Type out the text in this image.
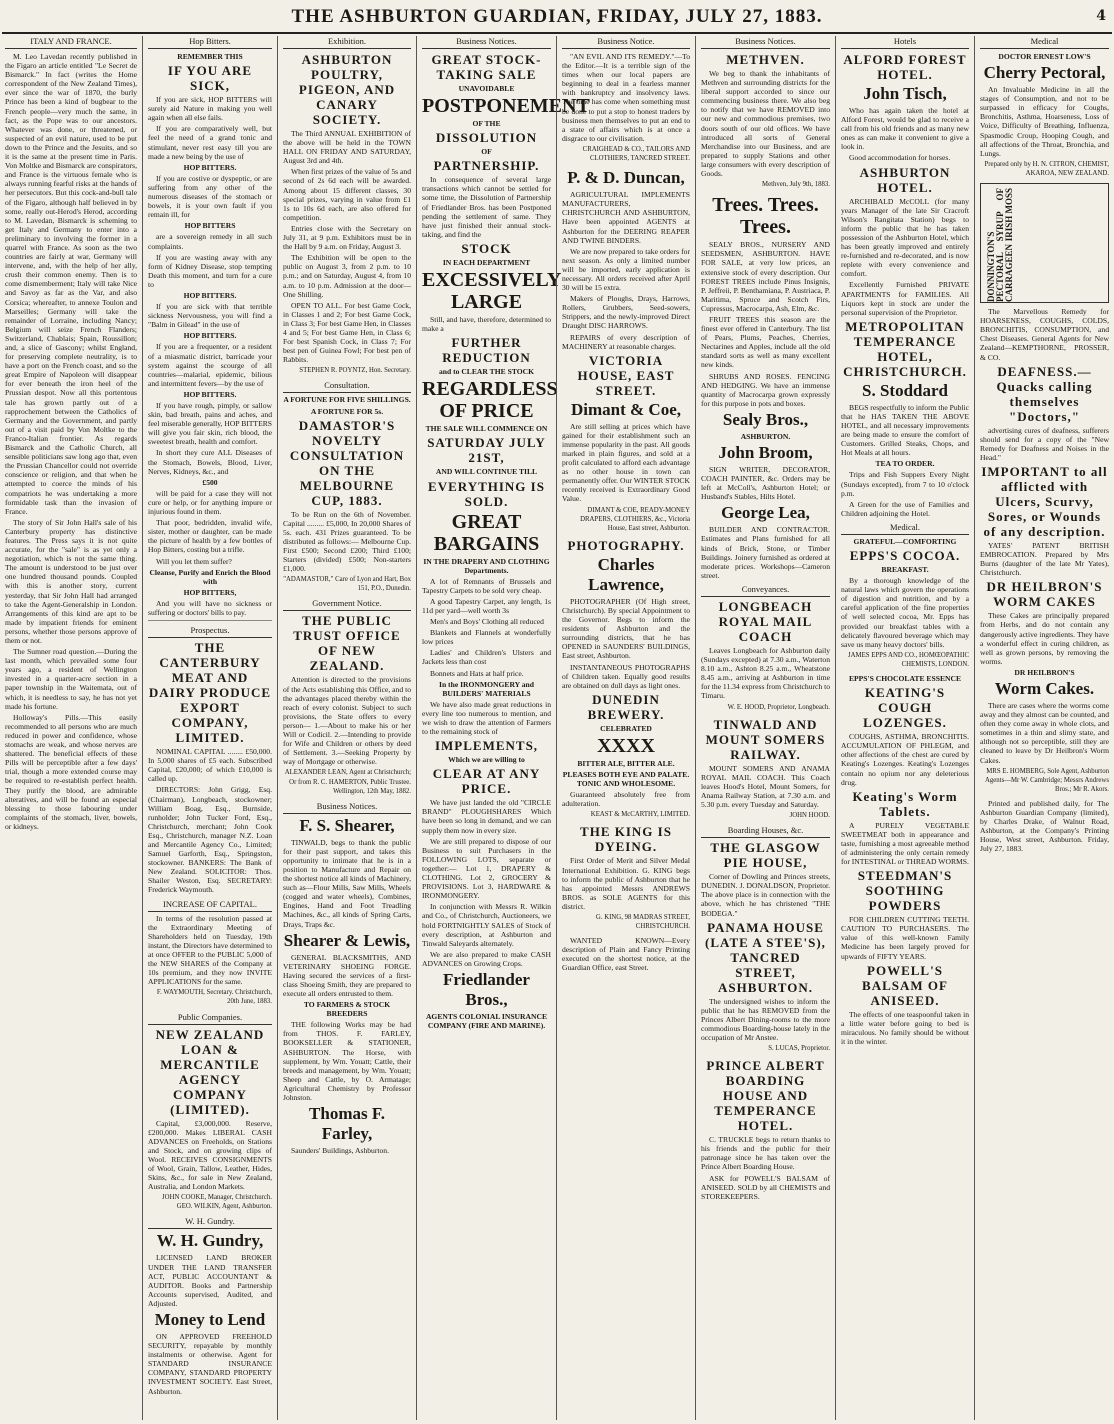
THE ASHBURTON GUARDIAN, FRIDAY, JULY 27, 1883.	4
ITALY AND FRANCE.
M. Leo Lavedan recently published in the Figaro an article entitled "Le Secret de Bismarck." In fact (writes the Home correspondent of the New Zealand Times), ever since the war of 1870, the burly Prince has been a kind of bugbear to the French people—very much the same, in fact, as the Pope was to our ancestors. Whatever was done, or threatened, or suspected of an evil nature, used to be put down to the Prince and the Jesuits, and so it is the same at the present time in Paris. Von Moltke and Bismarck are conspirators, and France is the virtuous female who is always running fearful risks at the hands of her persecutors. But this cock-and-bull tale of the Figaro, although half believed in by some, really out-Herod's Herod, according to M. Lavedan, Bismarck is scheming to get Italy and Germany to enter into a preliminary to involving the former in a quarrel with France. As soon as the two countries are fairly at war, Germany will intervene, and, with the help of her ally, crush their common enemy. Then is to come dismemberment; Italy will take Nice and Savoy as far as the Var, and also Corsica; whereafter, to annexe Toulon and Marseilles; Germany will take the remainder of Lorraine, including Nancy; Belgium will seize French Flanders; Switzerland, Chablais; Spain, Roussillon; and, a slice of Gascony; whilst England, for preserving complete neutrality, is to have a port on the French coast, and so the great Empire of Napoleon will disappear for ever beneath the iron heel of the Prussian despot. Now all this portentous tale has grown partly out of a rapprochement between the Catholics of Germany and the Government, and partly out of a visit paid by Von Moltke to the Franco-Italian frontier. As regards Bismarck and the Catholic Church, all sensible politicians saw long ago that, even the Prussian Chancellor could not override conscience or religion, and that when he attempted to coerce the minds of his compatriots he was undertaking a more formidable task than the invasion of France.
The story of Sir John Hall's sale of his Canterbury property has distinctive features. The Press says it is not quite accurate, for the "sale" is as yet only a negotiation, which is not the same thing. The amount is understood to be just over one hundred thousand pounds. Coupled with this is another story, current yesterday, that Sir John Hall had arranged to take the Agent-Generalship in London. Arrangements of this kind are apt to be made by impatient friends for eminent persons, whether those persons approve of them or not.
The Sumner road question.—During the last month, which prevailed some four years ago, a resident of Wellington invested in a quarter-acre section in a paper township in the Waitemata, out of which, it is needless to say, he has not yet made his fortune.
Holloway's Pills.—This easily recommended to all persons who are much reduced in power and confidence, whose stomachs are weak, and whose nerves are shattered. The beneficial effects of these Pills will be perceptible after a few days' trial, though a more extended course may be required to re-establish perfect health. They purify the blood, are admirable alteratives, and will be found an especial blessing to those labouring under complaints of the stomach, liver, bowels, or kidneys.
Hop Bitters.
REMEMBER THIS
IF YOU ARE SICK,
If you are sick, HOP BITTERS will surely aid Nature in making you well again when all else fails.
If you are comparatively well, but feel the need of a grand tonic and stimulant, never rest easy till you are made a new being by the use of
HOP BITTERS.
If you are costive or dyspeptic, or are suffering from any other of the numerous diseases of the stomach or bowels, it is your own fault if you remain ill, for
HOP BITTERS
are a sovereign remedy in all such complaints.
If you are wasting away with any form of Kidney Disease, stop tempting Death this moment, and turn for a cure to
HOP BITTERS.
If you are sick with that terrible sickness Nervousness, you will find a "Balm in Gilead" in the use of
HOP BITTERS.
If you are a frequenter, or a resident of a miasmatic district, barricade your system against the scourge of all countries—malarial, epidemic, bilious and intermittent fevers—by the use of
HOP BITTERS.
If you have rough, pimply, or sallow skin, bad breath, pains and aches, and feel miserable generally, HOP BITTERS will give you fair skin, rich blood, the sweetest breath, health and comfort.
In short they cure ALL Diseases of the Stomach, Bowels, Blood, Liver, Nerves, Kidneys, &c., and
£500
will be paid for a case they will not cure or help, or for anything impure or injurious found in them.
That poor, bedridden, invalid wife, sister, mother or daughter, can be made the picture of health by a few bottles of Hop Bitters, costing but a trifle.
Will you let them suffer?
Cleanse, Purify and Enrich the Blood with
HOP BITTERS,
And you will have no sickness or suffering or doctors' bills to pay.
Prospectus.
THE CANTERBURY MEAT AND DAIRY PRODUCE EXPORT COMPANY, LIMITED.
NOMINAL CAPITAL ........ £50,000. In 5,000 shares of £5 each. Subscribed Capital, £20,000; of which £10,000 is called up.
DIRECTORS: John Grigg, Esq. (Chairman), Longbeach, stockowner; William Boag, Esq., Burnside, runholder; John Tucker Ford, Esq., Christchurch, merchant; John Cook Esq., Christchurch, manager N.Z. Loan and Mercantile Agency Co., Limited; Samuel Garforth, Esq., Springston, stockowner. BANKERS: The Bank of New Zealand. SOLICITOR: Thos. Shailer Weston, Esq. SECRETARY: Frederick Waymouth.
INCREASE OF CAPITAL.
In terms of the resolution passed at the Extraordinary Meeting of Shareholders held on Tuesday, 19th instant, the Directors have determined to at once OFFER to the PUBLIC 5,000 of the NEW SHARES of the Company at 10s premium, and they now INVITE APPLICATIONS for the same.
F. WAYMOUTH, Secretary. Christchurch, 20th June, 1883.
Public Companies.
NEW ZEALAND LOAN & MERCANTILE AGENCY COMPANY (LIMITED).
Capital, £3,000,000. Reserve, £200,000. Makes LIBERAL CASH ADVANCES on Freeholds, on Stations and Stock, and on growing clips of Wool. RECEIVES CONSIGNMENTS of Wool, Grain, Tallow, Leather, Hides, Skins, &c., for sale in New Zealand, Australia, and London Markets.
JOHN COOKE, Manager, Christchurch. GEO. WILKIN, Agent, Ashburton.
W. H. Gundry.
W. H. Gundry,
LICENSED LAND BROKER UNDER THE LAND TRANSFER ACT, PUBLIC ACCOUNTANT & AUDITOR. Books and Partnership Accounts supervised, Audited, and Adjusted.
Money to Lend
ON APPROVED FREEHOLD SECURITY, repayable by monthly instalments or otherwise. Agent for STANDARD INSURANCE COMPANY, STANDARD PROPERTY INVESTMENT SOCIETY. East Street, Ashburton.
Exhibition.
ASHBURTON POULTRY, PIGEON, AND CANARY SOCIETY.
The Third ANNUAL EXHIBITION of the above will be held in the TOWN HALL ON FRIDAY AND SATURDAY, August 3rd and 4th.
When first prizes of the value of 5s and second of 2s 6d each will be awarded. Among about 15 different classes, 30 special prizes, varying in value from £1 1s to 10s 6d each, are also offered for competition.
Entries close with the Secretary on July 31, at 9 p.m. Exhibitors must be in the Hall by 9 a.m. on Friday, August 3.
The Exhibition will be open to the public on August 3, from 2 p.m. to 10 p.m.; and on Saturday, August 4, from 10 a.m. to 10 p.m. Admission at the door—One Shilling.
OPEN TO ALL. For best Game Cock, in Classes 1 and 2; For best Game Cock, in Class 3; For best Game Hen, in Classes 4 and 5; For best Game Hen, in Class 6; For best Spanish Cock, in Class 7; For best pen of Guinea Fowl; For best pen of Rabbits.
STEPHEN R. POYNTZ, Hon. Secretary.
Consultation.
A FORTUNE FOR FIVE SHILLINGS.
A FORTUNE FOR 5s.
DAMASTOR'S NOVELTY CONSULTATION ON THE MELBOURNE CUP, 1883.
To be Run on the 6th of November. Capital ......... £5,000, In 20,000 Shares of 5s. each. 431 Prizes guaranteed. To be distributed as follows:— Melbourne Cup. First £500; Second £200; Third £100; Starters (divided) £500; Non-starters £1,000.
"ADAMASTOR," Care of Lyon and Hart, Box 151, P.O., Dunedin.
Government Notice.
THE PUBLIC TRUST OFFICE OF NEW ZEALAND.
Attention is directed to the provisions of the Acts establishing this Office, and to the advantages placed thereby within the reach of every colonist. Subject to such provisions, the State offers to every person— 1.—About to make his or her Will or Codicil. 2.—Intending to provide for Wife and Children or others by deed of Settlement. 3.—Seeking Property by way of Mortgage or otherwise.
ALEXANDER LEAN, Agent at Christchurch; Or from R. C. HAMERTON, Public Trustee. Wellington, 12th May, 1882.
Business Notices.
F. S. Shearer,
TINWALD, begs to thank the public for their past support, and takes this opportunity to intimate that he is in a position to Manufacture and Repair on the shortest notice all kinds of Machinery, such as—Flour Mills, Saw Mills, Wheels (cogged and water wheels), Combines, Engines, Hand and Foot Treadling Machines, &c., all kinds of Spring Carts, Drays, Traps &c.
Shearer & Lewis,
GENERAL BLACKSMITHS, AND VETERINARY SHOEING FORGE. Having secured the services of a first-class Shoeing Smith, they are prepared to execute all orders entrusted to them.
TO FARMERS & STOCK BREEDERS
THE following Works may be had from THOS. F. FARLEY, BOOKSELLER & STATIONER, ASHBURTON. The Horse, with supplement, by Wm. Youatt; Cattle, their breeds and management, by Wm. Youatt; Sheep and Cattle, by O. Armatage; Agricultural Chemistry by Professor Johnston.
Thomas F. Farley,
Saunders' Buildings, Ashburton.
Business Notices.
GREAT STOCK-TAKING SALE
UNAVOIDABLE
POSTPONEMENT
OF THE
DISSOLUTION
OF
PARTNERSHIP.
In consequence of several large transactions which cannot be settled for some time, the Dissolution of Partnership of Friedlander Bros. has been Postponed pending the settlement of same. They have just finished their annual stock-taking, and find the
STOCK
IN EACH DEPARTMENT
EXCESSIVELY LARGE
Still, and have, therefore, determined to make a
FURTHER REDUCTION
and to CLEAR THE STOCK
REGARDLESS OF PRICE
THE SALE WILL COMMENCE ON
SATURDAY JULY 21ST,
AND WILL CONTINUE TILL
EVERYTHING IS SOLD.
GREAT BARGAINS
IN THE DRAPERY AND CLOTHING Departments.
A lot of Remnants of Brussels and Tapestry Carpets to be sold very cheap.
A good Tapestry Carpet, any length, 1s 11d per yard—well worth 3s
Men's and Boys' Clothing all reduced
Blankets and Flannels at wonderfully low prices
Ladies' and Children's Ulsters and Jackets less than cost
Bonnets and Hats at half price.
In the IRONMONGERY and BUILDERS' MATERIALS
We have also made great reductions in every line too numerous to mention, and we wish to draw the attention of Farmers to the remaining stock of
IMPLEMENTS,
Which we are willing to
CLEAR AT ANY PRICE.
We have just landed the old "CIRCLE BRAND" PLOUGHSHARES Which have been so long in demand, and we can supply them now in every size.
We are still prepared to dispose of our Business to suit Purchasers in the FOLLOWING LOTS, separate or together:— Lot 1, DRAPERY & CLOTHING. Lot 2, GROCERY & PROVISIONS. Lot 3, HARDWARE & IRONMONGERY.
In conjunction with Messrs R. Wilkin and Co., of Christchurch, Auctioneers, we hold FORTNIGHTLY SALES of Stock of every description, at Ashburton and Tinwald Saleyards alternately.
We are also prepared to make CASH ADVANCES on Growing Crops.
Friedlander Bros.,
AGENTS COLONIAL INSURANCE COMPANY (FIRE AND MARINE).
Business Notice.
"AN EVIL AND ITS REMEDY."—To the Editor.—It is a terrible sign of the times when our local papers are beginning to deal in a fearless manner with bankruptcy and insolvency laws. The time has come when something must be done to put a stop to honest traders by business men themselves to put an end to a state of affairs which is at once a disgrace to our civilisation.
CRAIGHEAD & CO., TAILORS AND CLOTHIERS, TANCRED STREET.
P. & D. Duncan,
AGRICULTURAL IMPLEMENTS MANUFACTURERS, CHRISTCHURCH AND ASHBURTON, Have been appointed AGENTS at Ashburton for the DEERING REAPER AND TWINE BINDERS.
We are now prepared to take orders for next season. As only a limited number will be imported, early application is necessary. All orders received after April 30 will be 15 extra.
Makers of Ploughs, Drays, Harrows, Rollers, Grubbers, Seed-sowers, Strippers, and the newly-improved Direct Draught DISC HARROWS.
REPAIRS of every description of MACHINERY at reasonable charges.
VICTORIA HOUSE, EAST STREET.
Dimant & Coe,
Are still selling at prices which have gained for their establishment such an immense popularity in the past. All goods marked in plain figures, and sold at a profit calculated to afford each advantage as no other house in town can permanently offer. Our WINTER STOCK recently received is Extraordinary Good Value.
DIMANT & COE, READY-MONEY DRAPERS, CLOTHIERS, &c., Victoria House, East street, Ashburton.
PHOTOGRAPHY.
Charles Lawrence,
PHOTOGRAPHER (Of High street, Christchurch). By special Appointment to the Governor. Begs to inform the residents of Ashburton and the surrounding districts, that he has OPENED in SAUNDERS' BUILDINGS, East street, Ashburton.
INSTANTANEOUS PHOTOGRAPHS of Children taken. Equally good results are obtained on dull days as light ones.
DUNEDIN BREWERY.
CELEBRATED
XXXX
BITTER ALE, BITTER ALE.
PLEASES BOTH EYE AND PALATE. TONIC AND WHOLESOME.
Guaranteed absolutely free from adulteration.
KEAST & McCARTHY, LIMITED.
THE KING IS DYEING.
First Order of Merit and Silver Medal International Exhibition. G. KING begs to inform the public of Ashburton that he has appointed Messrs ANDREWS BROS. as SOLE AGENTS for this district.
G. KING, 98 MADRAS STREET, CHRISTCHURCH.
WANTED KNOWN—Every description of Plain and Fancy Printing executed on the shortest notice, at the Guardian Office, east Street.
Business Notices.
METHVEN.
We beg to thank the inhabitants of Methven and surrounding districts for the liberal support accorded to since our commencing business there. We also beg to notify that we have REMOVED into our new and commodious premises, two doors south of our old offices. We have introduced all sorts of General Merchandise into our Business, and are prepared to supply Stations and other large consumers with every description of Goods.
Methven, July 9th, 1883.
Trees. Trees. Trees.
SEALY BROS., NURSERY AND SEEDSMEN, ASHBURTON. HAVE FOR SALE, at very low prices, an extensive stock of every description. Our FOREST TREES include Pinus Insignis, P. Jeffreii, P. Benthamiana, P. Austriaca, P. Maritima, Spruce and Scotch Firs, Cupressus, Macrocarpa, Ash, Elm, &c.
FRUIT TREES this season are the finest ever offered in Canterbury. The list of Pears, Plums, Peaches, Cherries, Nectarines and Apples, include all the old standard sorts as well as many excellent new kinds.
SHRUBS AND ROSES. FENCING AND HEDGING. We have an immense quantity of Macrocarpa grown expressly for this purpose in pots and boxes.
Sealy Bros.,
ASHBURTON.
John Broom,
SIGN WRITER, DECORATOR, COACH PAINTER, &c. Orders may be left at McColl's, Ashburton Hotel; or Husband's Stables, Hilts Hotel.
George Lea,
BUILDER AND CONTRACTOR. Estimates and Plans furnished for all kinds of Brick, Stone, or Timber Buildings. Joinery furnished as ordered at moderate prices. Workshops—Cameron street.
Conveyances.
LONGBEACH ROYAL MAIL COACH
Leaves Longbeach for Ashburton daily (Sundays excepted) at 7.30 a.m., Waterton 8.10 a.m., Ashton 8.25 a.m., Wheatstone 8.45 a.m., arriving at Ashburton in time for the 11.34 express from Christchurch to Timaru.
W. E. HOOD, Proprietor, Longbeach.
TINWALD AND MOUNT SOMERS RAILWAY.
MOUNT SOMERS AND ANAMA ROYAL MAIL COACH. This Coach leaves Hood's Hotel, Mount Somers, for Anama Railway Station, at 7.30 a.m. and 5.30 p.m. every Tuesday and Saturday.
JOHN HOOD.
Boarding Houses, &c.
THE GLASGOW PIE HOUSE,
Corner of Dowling and Princes streets, DUNEDIN. J. DONALDSON, Proprietor. The above place is in connection with the above, which he has christened "THE BODEGA."
PANAMA HOUSE (LATE A STEE'S), TANCRED STREET, ASHBURTON.
The undersigned wishes to inform the public that he has REMOVED from the Princes Albert Dining-rooms to the more commodious Boarding-house lately in the occupation of Mr Anstee.
S. LUCAS, Proprietor.
PRINCE ALBERT BOARDING HOUSE AND TEMPERANCE HOTEL.
C. TRUCKLE begs to return thanks to his friends and the public for their patronage since he has taken over the Prince Albert Boarding House.
ASK for POWELL'S BALSAM of ANISEED. SOLD by all CHEMISTS and STOREKEEPERS.
Hotels
ALFORD FOREST HOTEL.
John Tisch,
Who has again taken the hotel at Alford Forest, would be glad to receive a call from his old friends and as many new ones as can make it convenient to give a look in.
Good accommodation for horses.
ASHBURTON HOTEL.
ARCHIBALD McCOLL (for many years Manager of the late Sir Cracroft Wilson's Rangitata Station) begs to inform the public that he has taken possession of the Ashburton Hotel, which has been greatly improved and entirely re-furnished and re-decorated, and is now replete with every convenience and comfort.
Excellently Furnished PRIVATE APARTMENTS for FAMILIES. All Liquors kept in stock are under the personal supervision of the Proprietor.
METROPOLITAN TEMPERANCE HOTEL, CHRISTCHURCH.
S. Stoddard
BEGS respectfully to inform the Public that he HAS TAKEN THE ABOVE HOTEL, and all necessary improvements are being made to ensure the comfort of Customers. Grilled Steaks, Chops, and Hot Meals at all hours.
TEA TO ORDER.
Trips and Fish Suppers Every Night (Sundays excepted), from 7 to 10 o'clock p.m.
A Green for the use of Families and Children adjoining the Hotel.
Medical.
GRATEFUL—COMFORTING
EPPS'S COCOA.
BREAKFAST.
By a thorough knowledge of the natural laws which govern the operations of digestion and nutrition, and by a careful application of the fine properties of well selected cocoa, Mr. Epps has provided our breakfast tables with a delicately flavoured beverage which may save us many heavy doctors' bills.
JAMES EPPS AND CO., HOMŒOPATHIC CHEMISTS, LONDON.
EPPS'S CHOCOLATE ESSENCE
KEATING'S COUGH LOZENGES.
COUGHS, ASTHMA, BRONCHITIS. ACCUMULATION OF PHLEGM, and other affections of the chest are cured by Keating's Lozenges. Keating's Lozenges contain no opium nor any deleterious drug.
Keating's Worm Tablets.
A PURELY VEGETABLE SWEETMEAT both in appearance and taste, furnishing a most agreeable method of administering the only certain remedy for INTESTINAL or THREAD WORMS.
STEEDMAN'S SOOTHING POWDERS
FOR CHILDREN CUTTING TEETH. CAUTION TO PURCHASERS. The value of this well-known Family Medicine has been largely proved for upwards of FIFTY YEARS.
POWELL'S BALSAM OF ANISEED.
The effects of one teaspoonful taken in a little water before going to bed is miraculous. No family should be without it in the winter.
Medical
DOCTOR ERNEST LOW'S
Cherry Pectoral,
An Invaluable Medicine in all the stages of Consumption, and not to be surpassed in efficacy for Coughs, Bronchitis, Asthma, Hoarseness, Loss of Voice, Difficulty of Breathing, Influenza, Spasmodic Croup, Hooping Cough, and all affections of the Throat, Bronchia, and Lungs.
Prepared only by H. N. CITRON, CHEMIST, AKAROA, NEW ZEALAND.
DONNINGTON'S PECTORAL SYRUP OF CARRAGEEN
IRISH MOSS
The Marvellous Remedy for HOARSENESS, COUGHS, COLDS, BRONCHITIS, CONSUMPTION, and Chest Diseases. General Agents for New Zealand—KEMPTHORNE, PROSSER, & CO.
DEAFNESS.—Quacks calling themselves "Doctors,"
advertising cures of deafness, sufferers should send for a copy of the "New Remedy for Deafness and Noises in the Head."
IMPORTANT to all afflicted with Ulcers, Scurvy, Sores, or Wounds of any description.
YATES' PATENT BRITISH EMBROCATION. Prepared by Mrs Burns (daughter of the late Mr Yates), Christchurch.
DR HEILBRON'S WORM CAKES
These Cakes are principally prepared from Herbs, and do not contain any dangerously active ingredients. They have a wonderful effect in curing children, as well as grown persons, by removing the worms.
DR HEILBRON'S
Worm Cakes.
There are cases where the worms come away and they almost can be counted, and often they come away in whole clots, and sometimes in a thin and slimy state, and although not so perceptible, still they are cleaned to leave by Dr Heilbron's Worm Cakes.
MRS E. HOMBERG, Sole Agent, Ashburton Agents—Mr W. Cambridge; Messrs Andrews Bros.; Mr R. Akors.
Printed and published daily, for The Ashburton Guardian Company (limited), by Charles Drake, of Walnut Road, Ashburton, at the Company's Printing House, West street, Ashburton. Friday, July 27, 1883.
